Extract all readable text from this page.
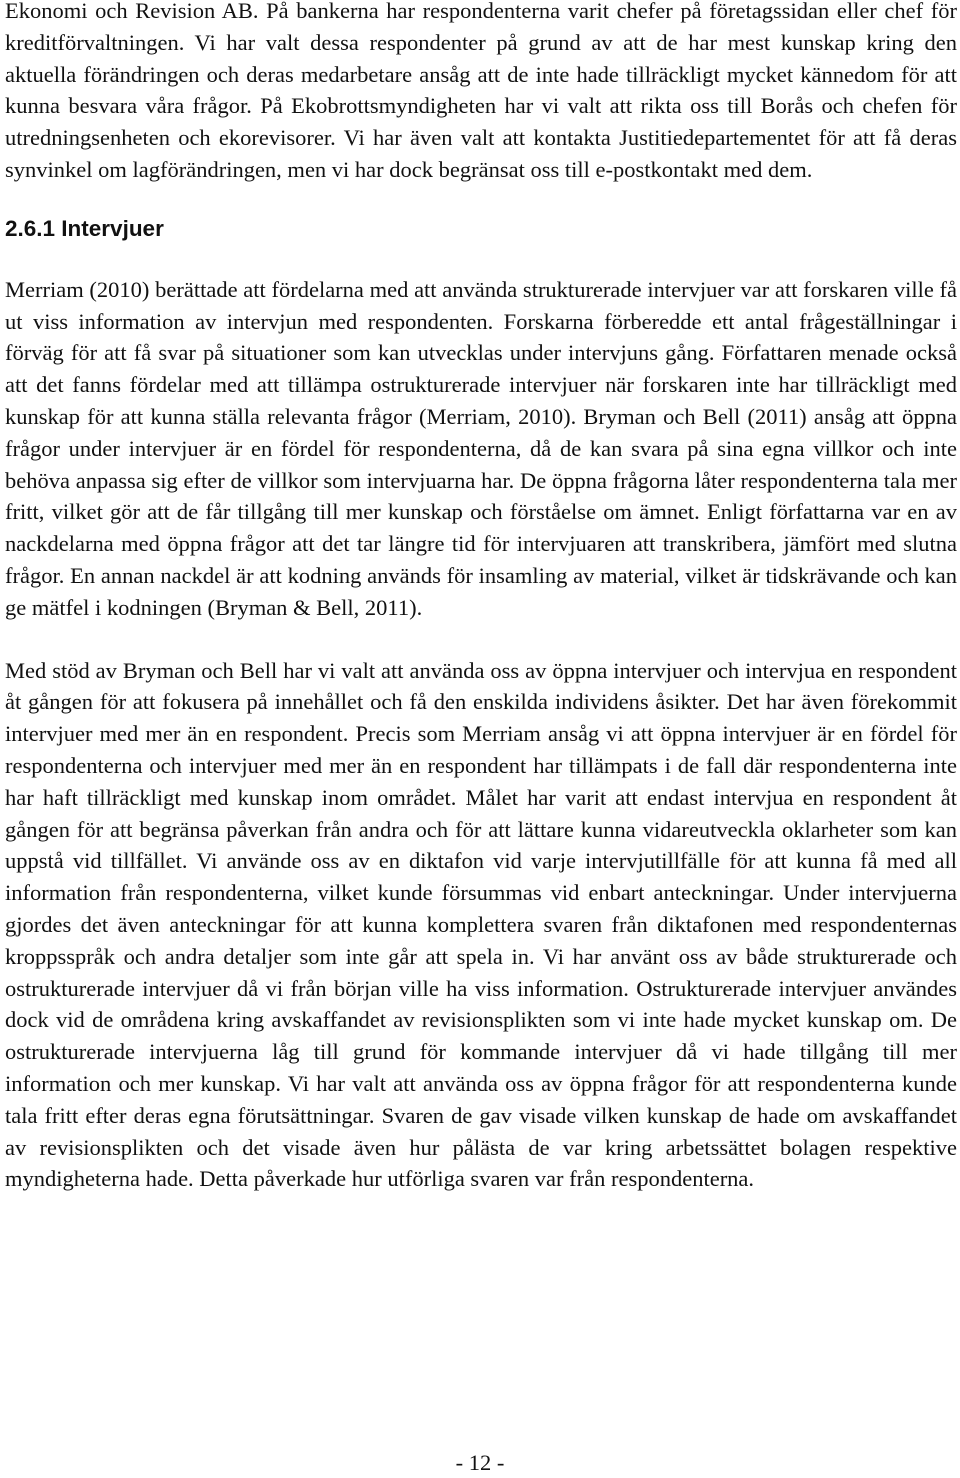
Ekonomi och Revision AB. På bankerna har respondenterna varit chefer på företagssidan eller chef för kreditförvaltningen. Vi har valt dessa respondenter på grund av att de har mest kunskap kring den aktuella förändringen och deras medarbetare ansåg att de inte hade tillräckligt mycket kännedom för att kunna besvara våra frågor. På Ekobrottsmyndigheten har vi valt att rikta oss till Borås och chefen för utredningsenheten och ekorevisorer. Vi har även valt att kontakta Justitiedepartementet för att få deras synvinkel om lagförändringen, men vi har dock begränsat oss till e-postkontakt med dem.

2.6.1 Intervjuer

Merriam (2010) berättade att fördelarna med att använda strukturerade intervjuer var att forskaren ville få ut viss information av intervjun med respondenten. Forskarna förberedde ett antal frågeställningar i förväg för att få svar på situationer som kan utvecklas under intervjuns gång. Författaren menade också att det fanns fördelar med att tillämpa ostrukturerade intervjuer när forskaren inte har tillräckligt med kunskap för att kunna ställa relevanta frågor (Merriam, 2010). Bryman och Bell (2011) ansåg att öppna frågor under intervjuer är en fördel för respondenterna, då de kan svara på sina egna villkor och inte behöva anpassa sig efter de villkor som intervjuarna har. De öppna frågorna låter respondenterna tala mer fritt, vilket gör att de får tillgång till mer kunskap och förståelse om ämnet. Enligt författarna var en av nackdelarna med öppna frågor att det tar längre tid för intervjuaren att transkribera, jämfört med slutna frågor. En annan nackdel är att kodning används för insamling av material, vilket är tidskrävande och kan ge mätfel i kodningen (Bryman & Bell, 2011).

Med stöd av Bryman och Bell har vi valt att använda oss av öppna intervjuer och intervjua en respondent åt gången för att fokusera på innehållet och få den enskilda individens åsikter. Det har även förekommit intervjuer med mer än en respondent. Precis som Merriam ansåg vi att öppna intervjuer är en fördel för respondenterna och intervjuer med mer än en respondent har tillämpats i de fall där respondenterna inte har haft tillräckligt med kunskap inom området. Målet har varit att endast intervjua en respondent åt gången för att begränsa påverkan från andra och för att lättare kunna vidareutveckla oklarheter som kan uppstå vid tillfället. Vi använde oss av en diktafon vid varje intervjutillfälle för att kunna få med all information från respondenterna, vilket kunde försummas vid enbart anteckningar. Under intervjuerna gjordes det även anteckningar för att kunna komplettera svaren från diktafonen med respondenternas kroppsspråk och andra detaljer som inte går att spela in. Vi har använt oss av både strukturerade och ostrukturerade intervjuer då vi från början ville ha viss information. Ostrukturerade intervjuer användes dock vid de områdena kring avskaffandet av revisionsplikten som vi inte hade mycket kunskap om. De ostrukturerade intervjuerna låg till grund för kommande intervjuer då vi hade tillgång till mer information och mer kunskap. Vi har valt att använda oss av öppna frågor för att respondenterna kunde tala fritt efter deras egna förutsättningar. Svaren de gav visade vilken kunskap de hade om avskaffandet av revisionsplikten och det visade även hur pålästa de var kring arbetssättet bolagen respektive myndigheterna hade. Detta påverkade hur utförliga svaren var från respondenterna.

- 12 -
